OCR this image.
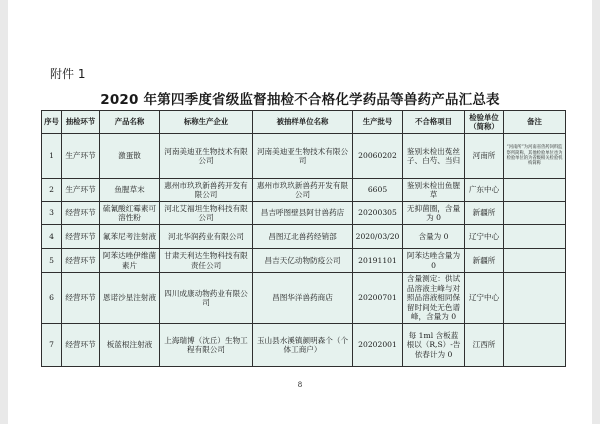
附件 1
2020 年第四季度省级监督抽检不合格化学药品等兽药产品汇总表
序号	抽检环节	产品名称	标称生产企业	被抽样单位名称	生产批号	不合格项目	检验单位（简称）	备注
1	生产环节	激蛋散	河南美迪亚生物技术有限公司	河南美迪亚生物技术有限公司	20060202	鉴别未检出菟丝子、白芍、当归	河南所	“河南所”为河南省兽药饲料监察所简称，其他检验单位也为检验单位的为省级相关检验机构简称
2	生产环节	鱼腥草末	惠州市玖玖新兽药开发有限公司	惠州市玖玖新兽药开发有限公司	6605	鉴别未检出鱼腥草	广东中心	
3	经营环节	硫氰酸红霉素可溶性粉	河北艾福坦生物科技有限公司	昌吉呼图壁县阿甘兽药店	20200305	无抑菌圈，含量为 0	新疆所	
4	经营环节	氟苯尼考注射液	河北华润药业有限公司	昌图辽北兽药经销部	2020/03/20	含量为 0	辽宁中心	
5	经营环节	阿苯达唑伊维菌素片	甘肃天利达生物科技有限责任公司	昌吉天亿动物防疫公司	20191101	阿苯达唑含量为 0	新疆所	
6	经营环节	恩诺沙星注射液	四川成康动物药业有限公司	昌图华洋兽药商店	20200701	含量测定：供试品溶液主峰与对照品溶液相同保留时间处无色谱峰，含量为 0	辽宁中心	
7	经营环节	板蓝根注射液	上海瑞博（沈丘）生物工程有限公司	玉山县水溪镇颜明森个（个体工商户）	20202001	每 1ml 含板蓝根以（R,S）-告依春计为 0	江西所	
8
